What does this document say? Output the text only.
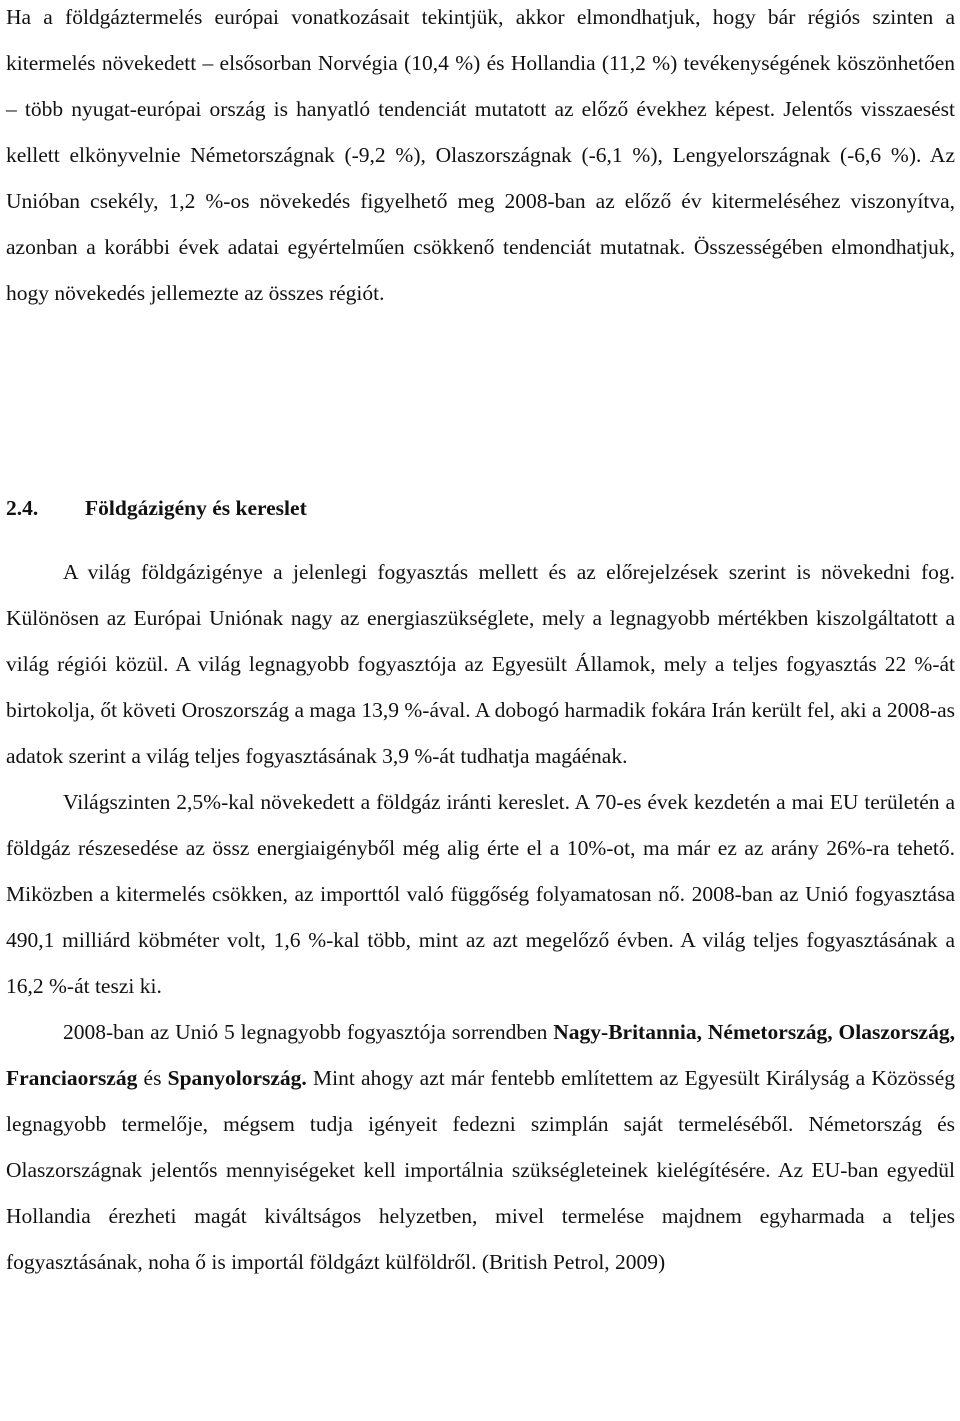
Ha a földgáztermelés európai vonatkozásait tekintjük, akkor elmondhatjuk, hogy bár régiós szinten a kitermelés növekedett – elsősorban Norvégia (10,4 %) és Hollandia (11,2 %) tevékenységének köszönhetően – több nyugat-európai ország is hanyatló tendenciát mutatott az előző évekhez képest. Jelentős visszaesést kellett elkönyvelnie Németországnak (-9,2 %), Olaszországnak (-6,1 %), Lengyelországnak (-6,6 %). Az Unióban csekély, 1,2 %-os növekedés figyelhető meg 2008-ban az előző év kitermeléséhez viszonyítva, azonban a korábbi évek adatai egyértelműen csökkenő tendenciát mutatnak. Összességében elmondhatjuk, hogy növekedés jellemezte az összes régiót.

2.4. Földgázigény és kereslet

A világ földgázigénye a jelenlegi fogyasztás mellett és az előrejelzések szerint is növekedni fog. Különösen az Európai Uniónak nagy az energiaszükséglete, mely a legnagyobb mértékben kiszolgáltatott a világ régiói közül. A világ legnagyobb fogyasztója az Egyesült Államok, mely a teljes fogyasztás 22 %-át birtokolja, őt követi Oroszország a maga 13,9 %-ával. A dobogó harmadik fokára Irán került fel, aki a 2008-as adatok szerint a világ teljes fogyasztásának 3,9 %-át tudhatja magáénak.

Világszinten 2,5%-kal növekedett a földgáz iránti kereslet. A 70-es évek kezdetén a mai EU területén a földgáz részesedése az össz energiaigényből még alig érte el a 10%-ot, ma már ez az arány 26%-ra tehető. Miközben a kitermelés csökken, az importtól való függőség folyamatosan nő. 2008-ban az Unió fogyasztása 490,1 milliárd köbméter volt, 1,6 %-kal több, mint az azt megelőző évben. A világ teljes fogyasztásának a 16,2 %-át teszi ki.

2008-ban az Unió 5 legnagyobb fogyasztója sorrendben Nagy-Britannia, Németország, Olaszország, Franciaország és Spanyolország. Mint ahogy azt már fentebb említettem az Egyesült Királyság a Közösség legnagyobb termelője, mégsem tudja igényeit fedezni szimplán saját termeléséből. Németország és Olaszországnak jelentős mennyiségeket kell importálnia szükségleteinek kielégítésére. Az EU-ban egyedül Hollandia érezheti magát kiváltságos helyzetben, mivel termelése majdnem egyharmada a teljes fogyasztásának, noha ő is importál földgázt külföldről. (British Petrol, 2009)
